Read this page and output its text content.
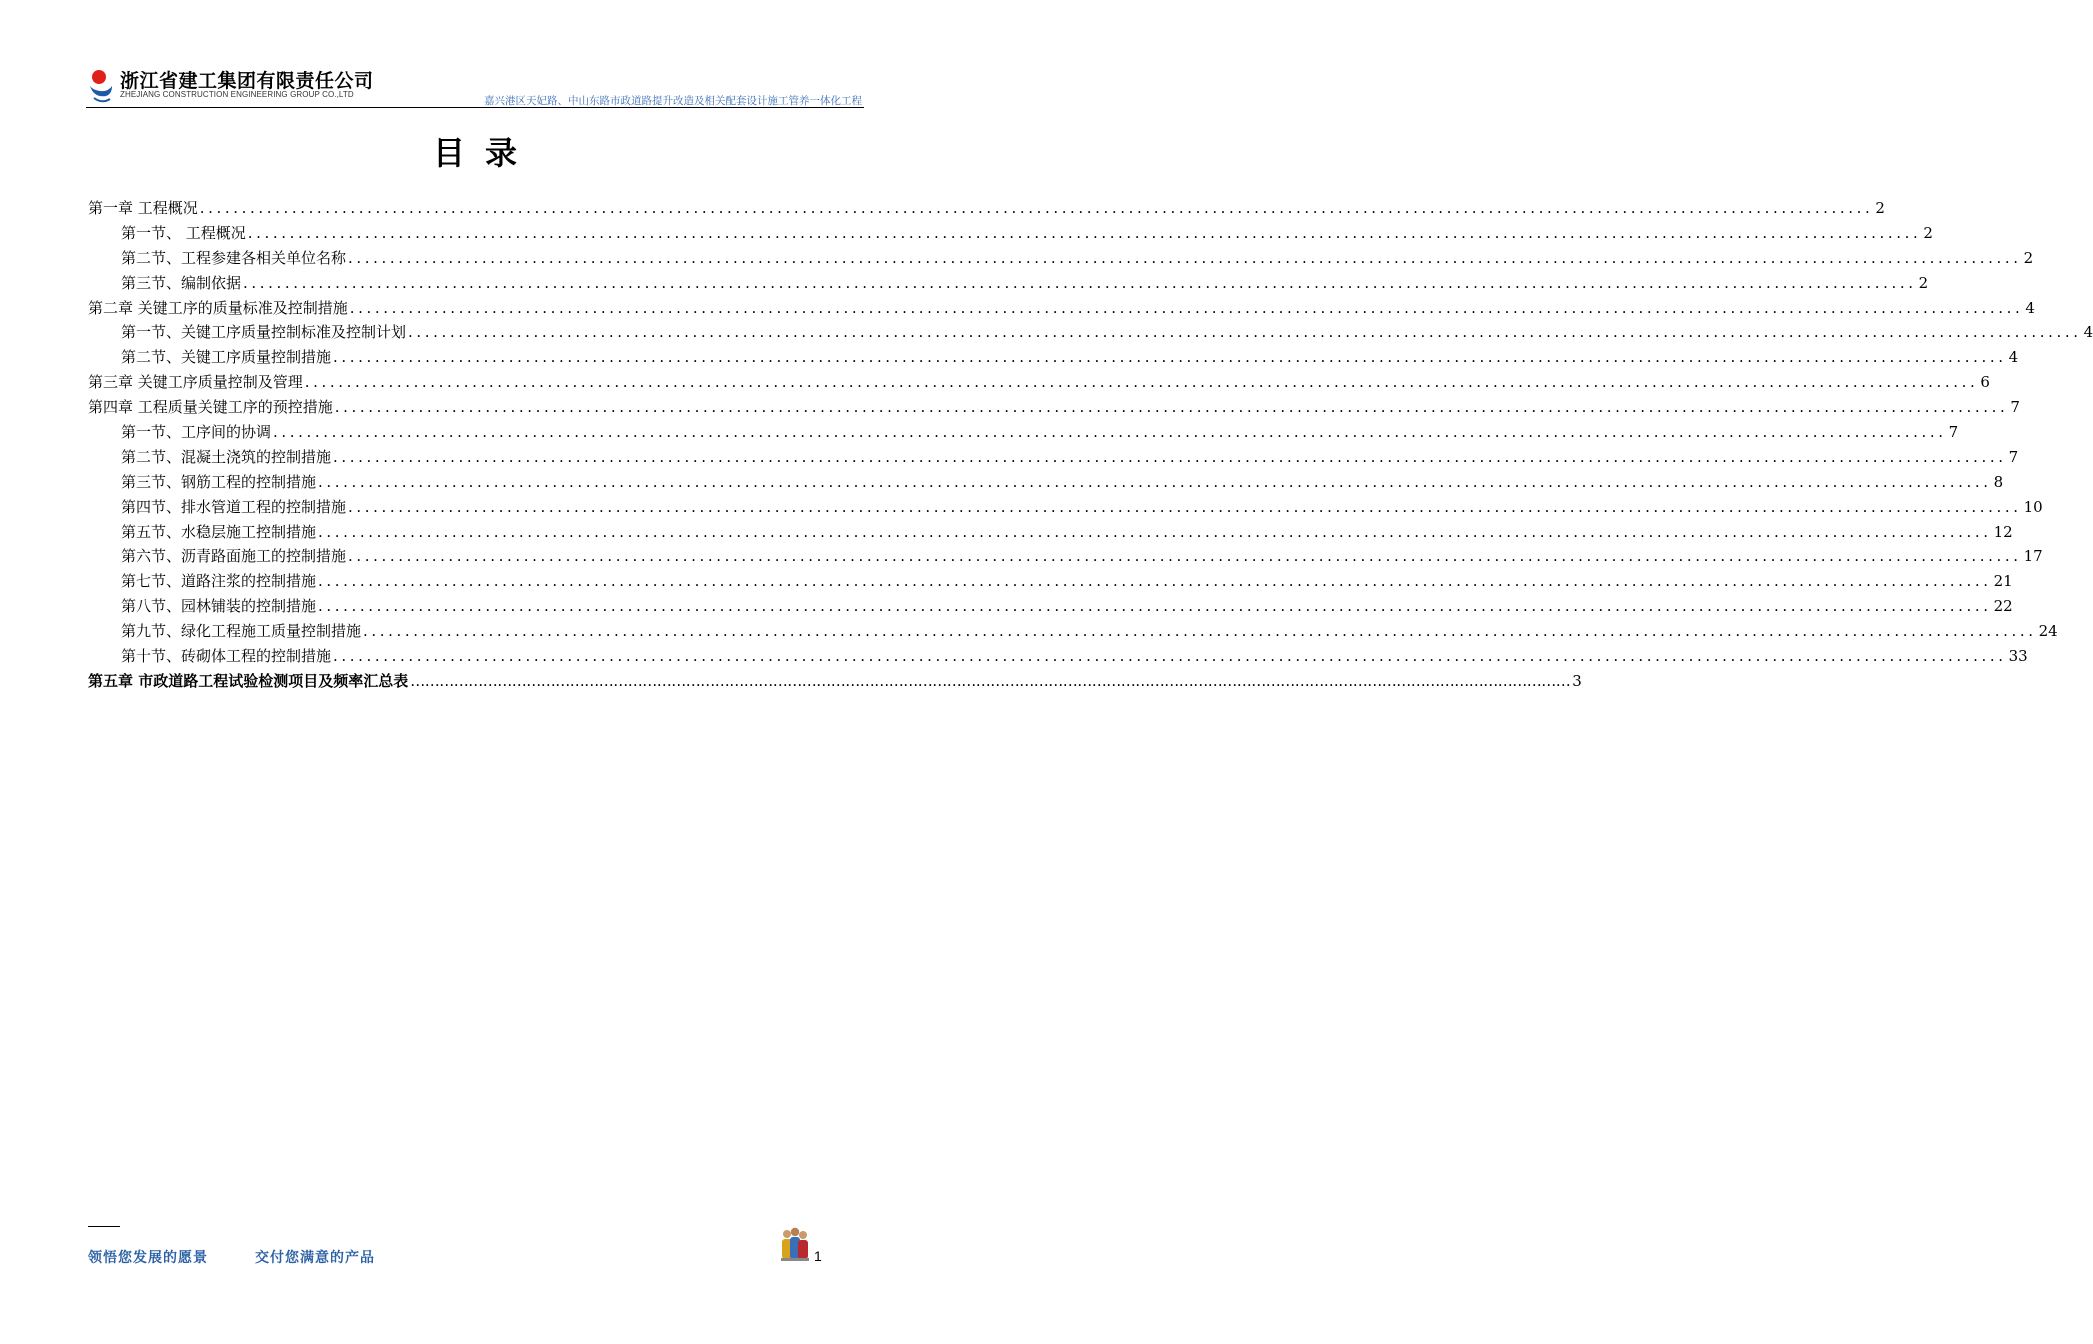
浙江省建工集团有限责任公司
ZHEJIANG CONSTRUCTION ENGINEERING GROUP CO.,LTD
嘉兴港区天妃路、中山东路市政道路提升改造及相关配套设计施工管养一体化工程
目录
第一章 工程概况 ........................................................................................................................................................................................................ 2
第一节、 工程概况 ........................................................................................................................................................................................................ 2
第二节、工程参建各相关单位名称 ........................................................................................................................................................................................................ 2
第三节、编制依据 ........................................................................................................................................................................................................ 2
第二章 关键工序的质量标准及控制措施 ........................................................................................................................................................................................................ 4
第一节、关键工序质量控制标准及控制计划 ........................................................................................................................................................................................................ 4
第二节、关键工序质量控制措施 ........................................................................................................................................................................................................ 4
第三章 关键工序质量控制及管理 ........................................................................................................................................................................................................ 6
第四章 工程质量关键工序的预控措施 ........................................................................................................................................................................................................ 7
第一节、工序间的协调 ........................................................................................................................................................................................................ 7
第二节、混凝土浇筑的控制措施 ........................................................................................................................................................................................................ 7
第三节、钢筋工程的控制措施 ........................................................................................................................................................................................................ 8
第四节、排水管道工程的控制措施 ........................................................................................................................................................................................................ 10
第五节、水稳层施工控制措施 ........................................................................................................................................................................................................ 12
第六节、沥青路面施工的控制措施 ........................................................................................................................................................................................................ 17
第七节、道路注浆的控制措施 ........................................................................................................................................................................................................ 21
第八节、园林铺装的控制措施 ........................................................................................................................................................................................................ 22
第九节、绿化工程施工质量控制措施 ........................................................................................................................................................................................................ 24
第十节、砖砌体工程的控制措施 ........................................................................................................................................................................................................ 33
第五章 市政道路工程试验检测项目及频率汇总表 …………………………………………………………………………………………………………………………………………………………………………………………………………………… 3
领悟您发展的愿景	交付您满意的产品	1
